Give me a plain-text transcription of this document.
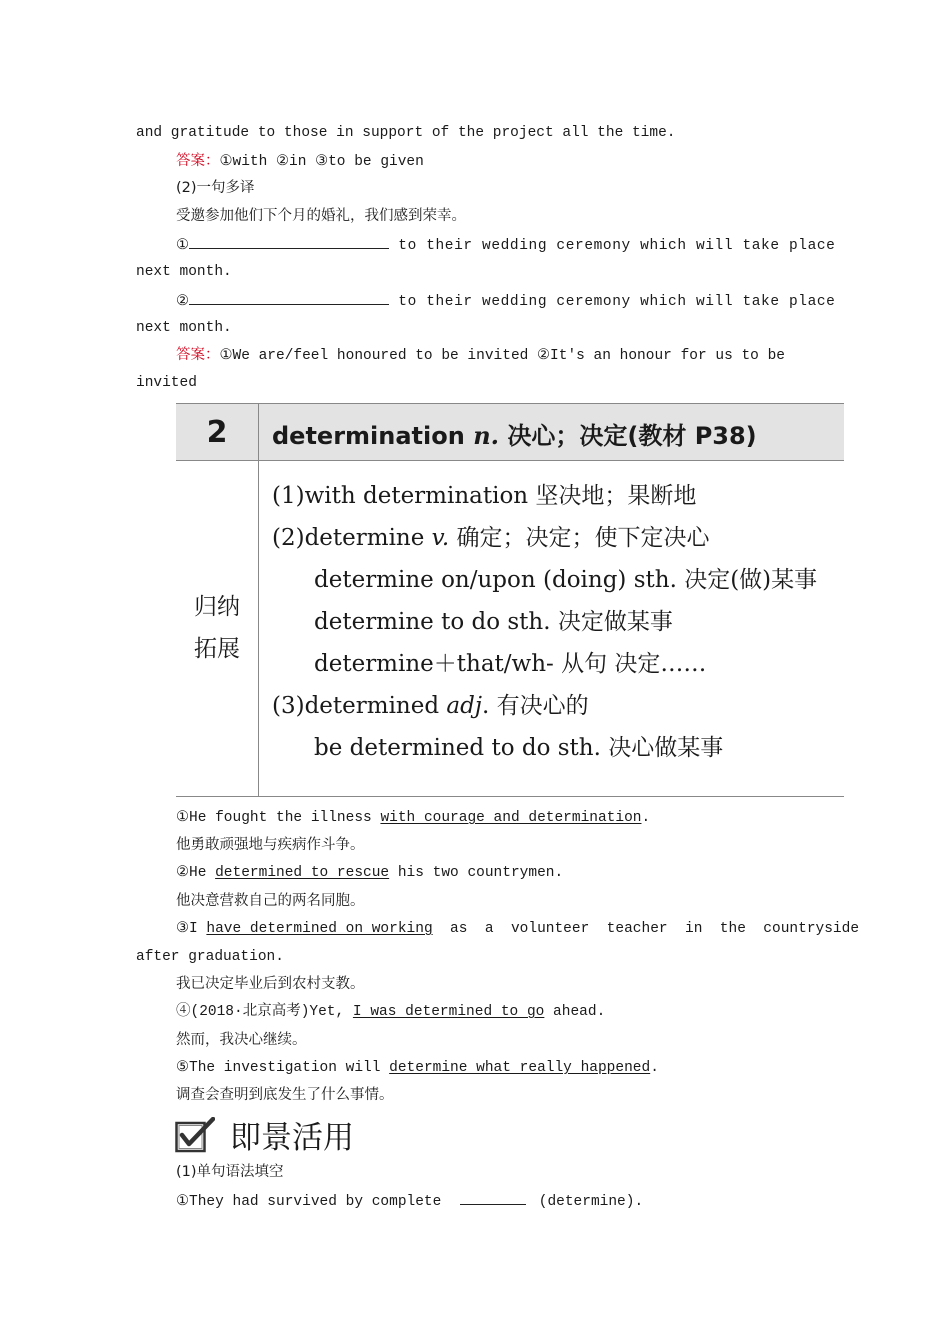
and gratitude to those in support of the project all the time.
答案：①with ②in ③to be given
(2)一句多译
受邀参加他们下个月的婚礼，我们感到荣幸。
①	to their wedding ceremony which will take place
next month.
②	to their wedding ceremony which will take place
next month.
答案：①We are/feel honoured to be invited ②It's an honour for us to be
invited
2	determination n. 决心；决定(教材 P38)
归纳
拓展
(1)with determination 坚决地；果断地
(2)determine v. 确定；决定；使下定决心
determine on/upon (doing) sth. 决定(做)某事
determine to do sth. 决定做某事
determine＋that/wh- 从句 决定……
(3)determined adj. 有决心的
be determined to do sth. 决心做某事
①He fought the illness with courage and determination.
他勇敢顽强地与疾病作斗争。
②He determined to rescue his two countrymen.
他决意营救自己的两名同胞。
③I have determined on working  as  a  volunteer  teacher  in  the  countryside
after graduation.
我已决定毕业后到农村支教。
④(2018·北京高考)Yet, I was determined to go ahead.
然而，我决心继续。
⑤The investigation will determine what really happened.
调查会查明到底发生了什么事情。
即景活用
(1)单句语法填空
①They had survived by complete	(determine).
